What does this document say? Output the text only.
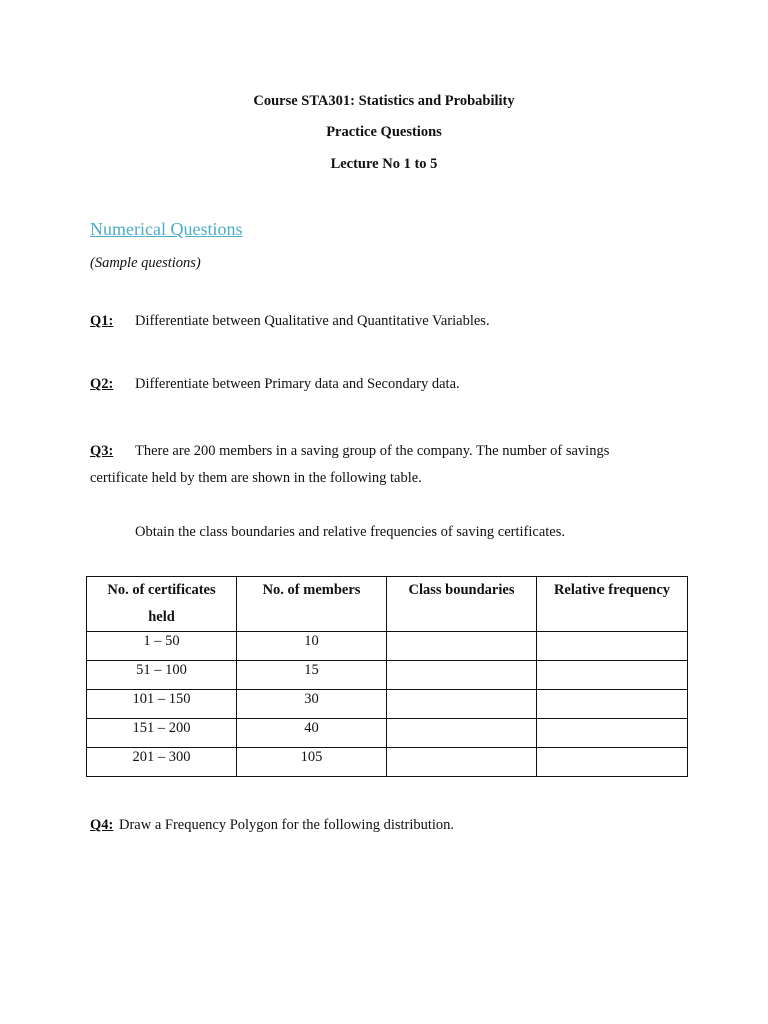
Course STA301: Statistics and Probability
Practice Questions
Lecture No 1 to 5
Numerical Questions
(Sample questions)
Q1: Differentiate between Qualitative and Quantitative Variables.
Q2: Differentiate between Primary data and Secondary data.
Q3: There are 200 members in a saving group of the company. The number of savings
certificate held by them are shown in the following table.
Obtain the class boundaries and relative frequencies of saving certificates.
No. of certificates held	No. of members	Class boundaries	Relative frequency
1 – 50	10		
51 – 100	15		
101 – 150	30		
151 – 200	40		
201 – 300	105		
Q4: Draw a Frequency Polygon for the following distribution.
